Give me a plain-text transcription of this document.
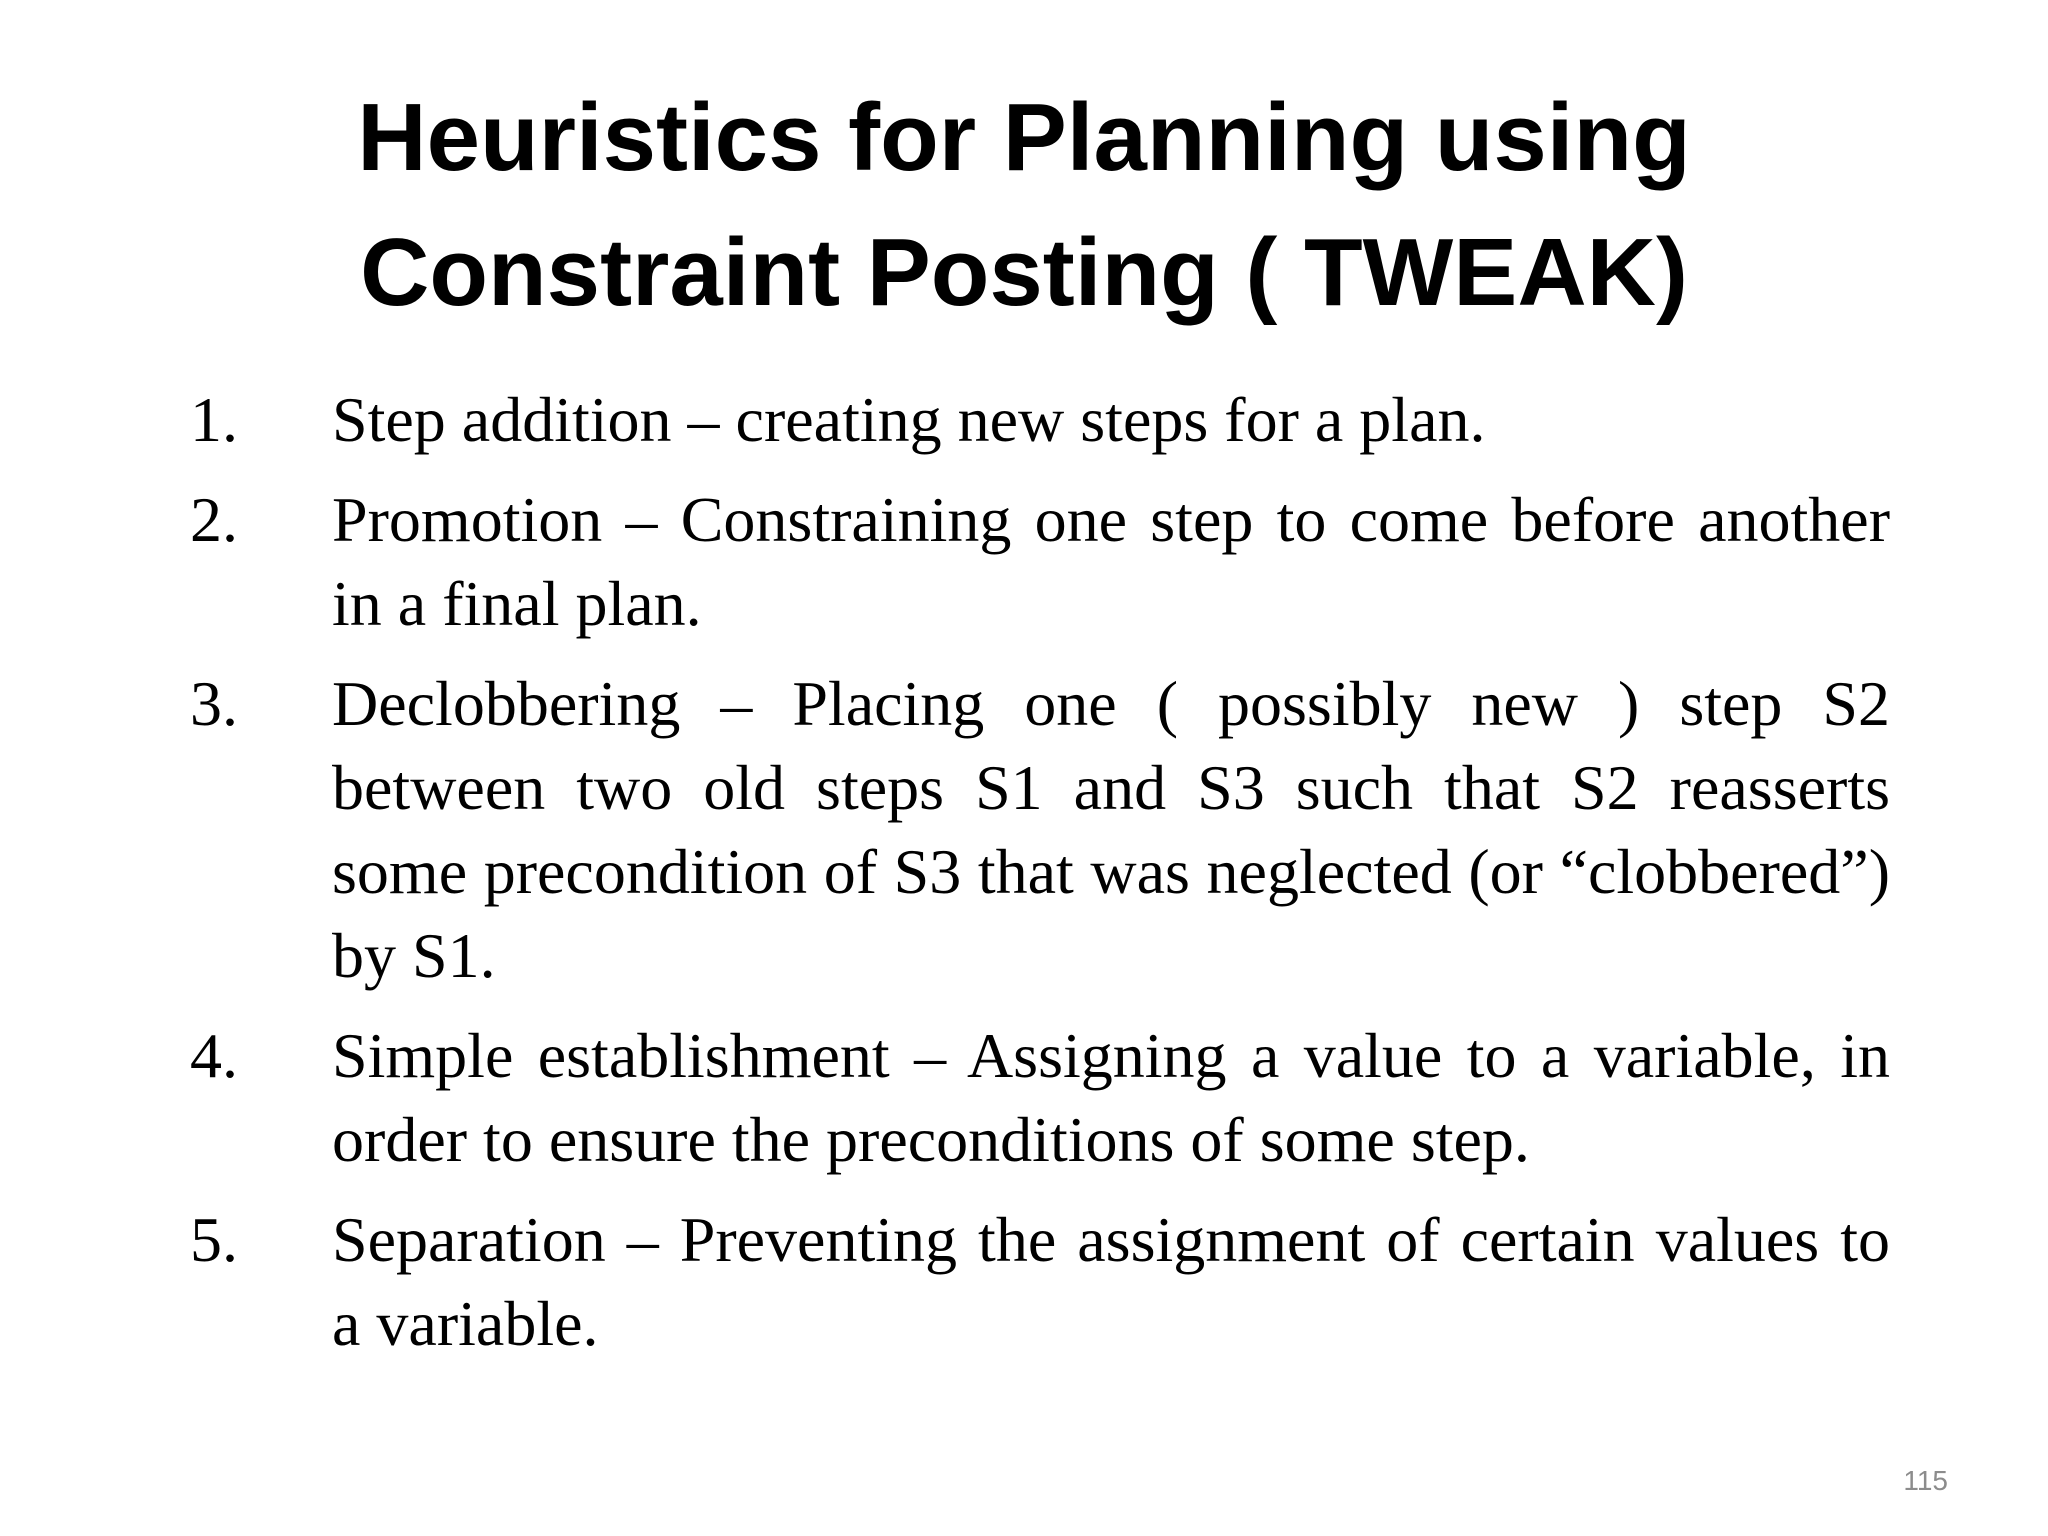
Heuristics for Planning using
Constraint Posting ( TWEAK)
1. Step addition – creating new steps for a plan.
2. Promotion – Constraining one step to come before another in a final plan.
3. Declobbering – Placing one ( possibly new ) step S2 between two old steps S1 and S3 such that S2 reasserts some precondition of S3 that was neglected (or “clobbered”) by S1.
4. Simple establishment – Assigning a value to a variable, in order to ensure the preconditions of some step.
5. Separation – Preventing the assignment of certain values to a variable.
115
